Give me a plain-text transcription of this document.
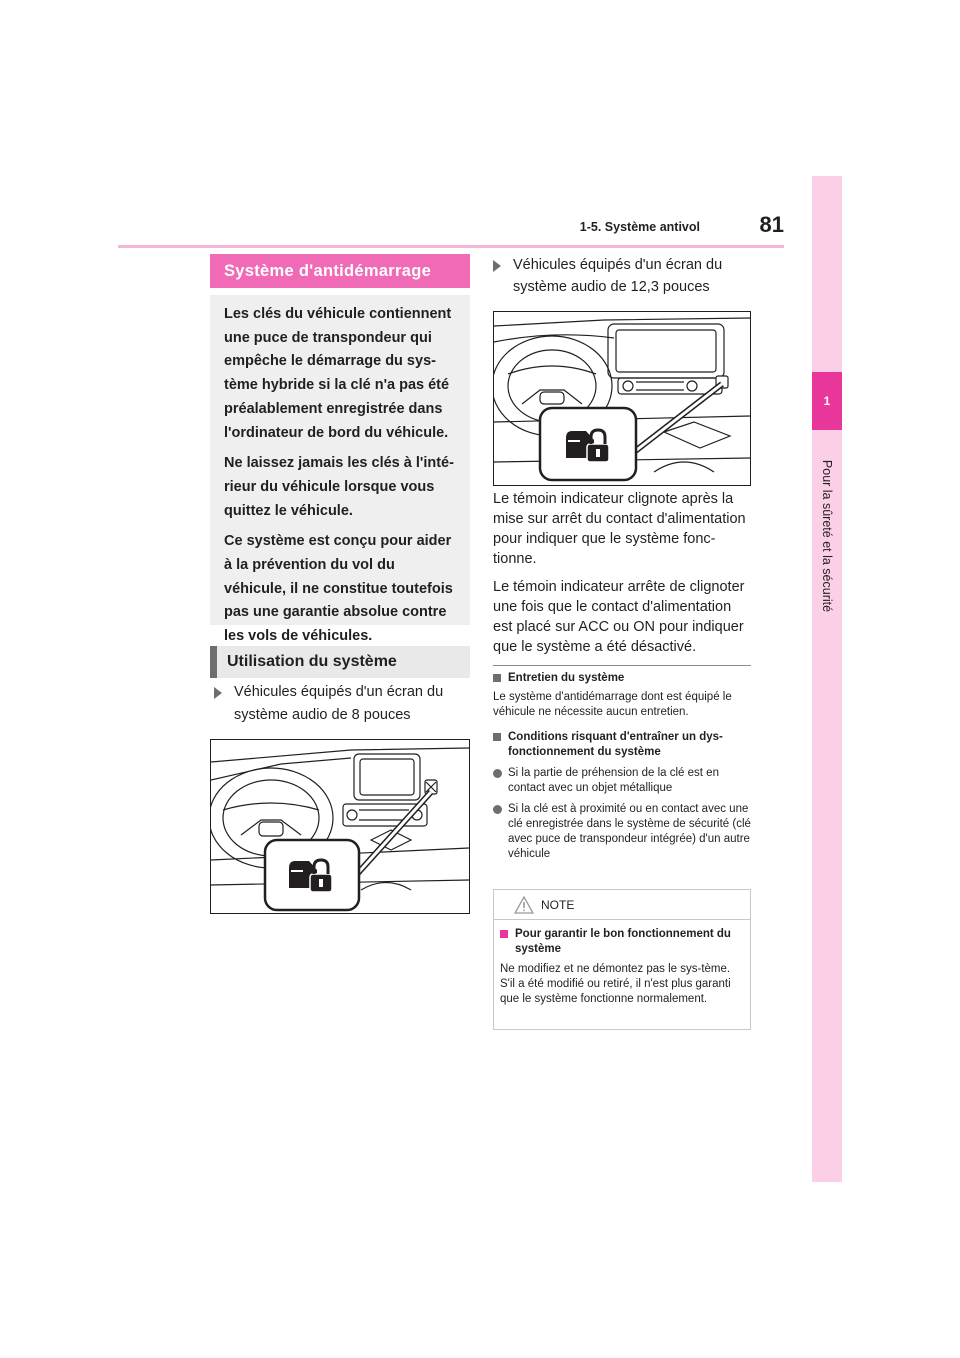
1-5. Système antivol	81
1
Pour la sûreté et la sécurité
Système d'antidémarrage

Les clés du véhicule contiennent une puce de transpondeur qui empêche le démarrage du sys-tème hybride si la clé n'a pas été préalablement enregistrée dans l'ordinateur de bord du véhicule.

Ne laissez jamais les clés à l'inté-rieur du véhicule lorsque vous quittez le véhicule.

Ce système est conçu pour aider à la prévention du vol du véhicule, il ne constitue toutefois pas une garantie absolue contre les vols de véhicules.

Utilisation du système
Véhicules équipés d'un écran du système audio de 8 pouces
Véhicules équipés d'un écran du système audio de 12,3 pouces

Le témoin indicateur clignote après la mise sur arrêt du contact d'alimentation pour indiquer que le système fonc-tionne.

Le témoin indicateur arrête de clignoter une fois que le contact d'alimentation est placé sur ACC ou ON pour indiquer que le système a été désactivé.

Entretien du système
Le système d'antidémarrage dont est équipé le véhicule ne nécessite aucun entretien.
Conditions risquant d'entraîner un dys-fonctionnement du système
Si la partie de préhension de la clé est en contact avec un objet métallique
Si la clé est à proximité ou en contact avec une clé enregistrée dans le système de sécurité (clé avec puce de transpondeur intégrée) d'un autre véhicule
NOTE
Pour garantir le bon fonctionnement du système
Ne modifiez et ne démontez pas le sys-tème. S'il a été modifié ou retiré, il n'est plus garanti que le système fonctionne normalement.
